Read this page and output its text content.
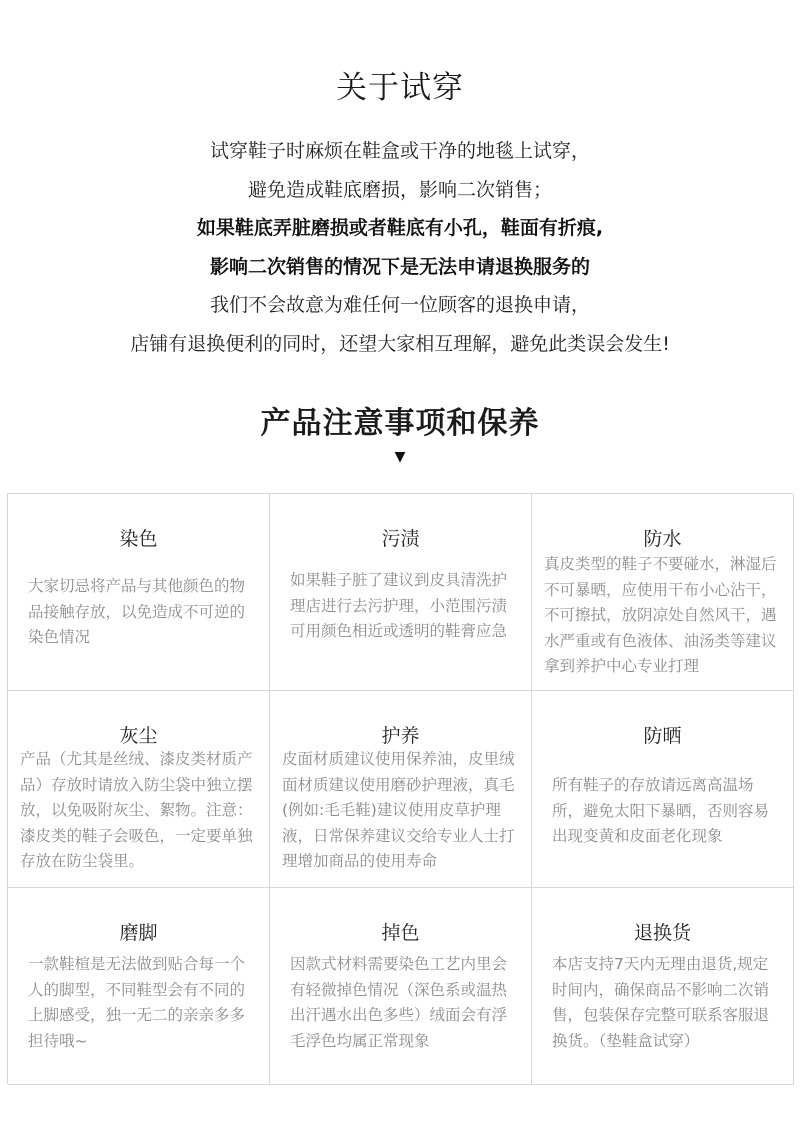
关于试穿
试穿鞋子时麻烦在鞋盒或干净的地毯上试穿，
避免造成鞋底磨损，影响二次销售；
如果鞋底弄脏磨损或者鞋底有小孔，鞋面有折痕,
影响二次销售的情况下是无法申请退换服务的
我们不会故意为难任何一位顾客的退换申请，
店铺有退换便利的同时，还望大家相互理解，避免此类误会发生!
产品注意事项和保养
▼
染色
大家切忌将产品与其他颜色的物品接触存放，以免造成不可逆的染色情况
污渍
如果鞋子脏了建议到皮具清洗护理店进行去污护理，小范围污渍可用颜色相近或透明的鞋膏应急
防水
真皮类型的鞋子不要碰水，淋湿后不可暴晒，应使用干布小心沾干，不可擦拭，放阴凉处自然风干，遇水严重或有色液体、油汤类等建议拿到养护中心专业打理
灰尘
产品（尤其是丝绒、漆皮类材质产品）存放时请放入防尘袋中独立摆放，以免吸附灰尘、絮物。注意：漆皮类的鞋子会吸色，一定要单独存放在防尘袋里。
护养
皮面材质建议使用保养油，皮里绒面材质建议使用磨砂护理液，真毛(例如:毛毛鞋)建议使用皮草护理液，日常保养建议交给专业人士打理增加商品的使用寿命
防晒
所有鞋子的存放请远离高温场所，避免太阳下暴晒，否则容易出现变黄和皮面老化现象
磨脚
一款鞋楦是无法做到贴合每一个人的脚型，不同鞋型会有不同的上脚感受，独一无二的亲亲多多担待哦~
掉色
因款式材料需要染色工艺内里会有轻微掉色情况（深色系或温热出汗遇水出色多些）绒面会有浮毛浮色均属正常现象
退换货
本店支持7天内无理由退货,规定时间内，确保商品不影响二次销售，包装保存完整可联系客服退换货。（垫鞋盒试穿）
